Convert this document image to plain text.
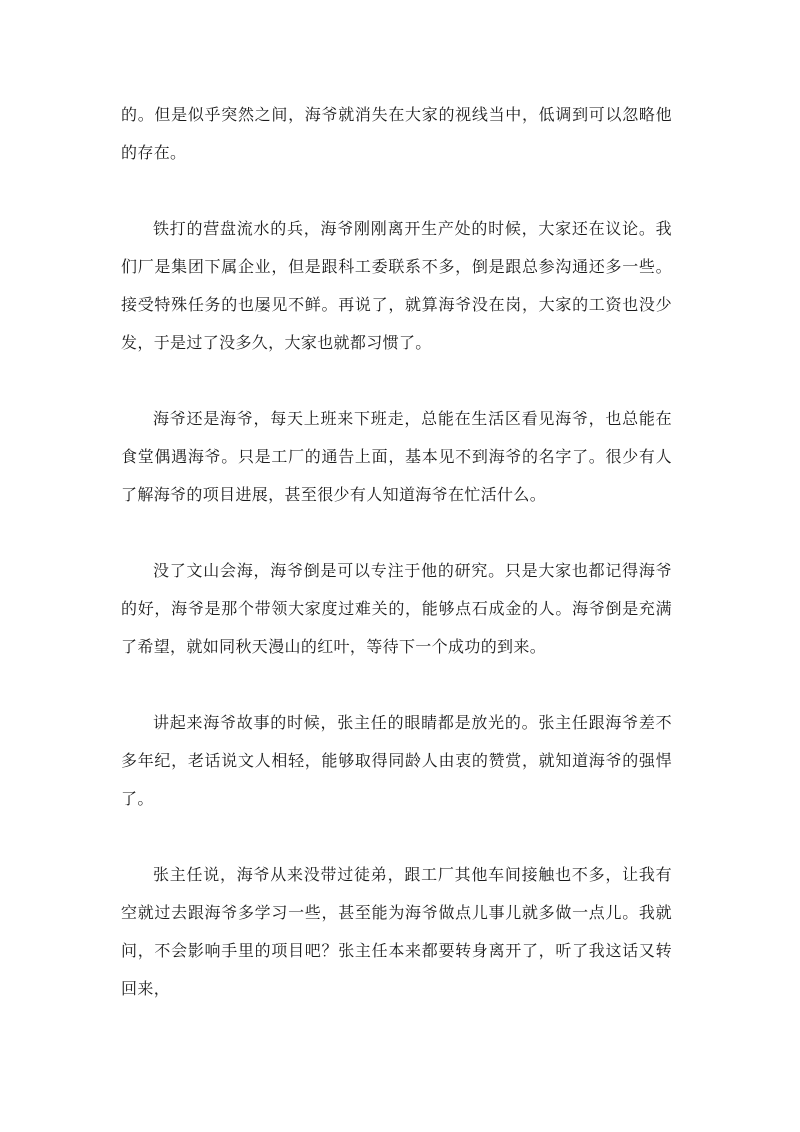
的。但是似乎突然之间，海爷就消失在大家的视线当中，低调到可以忽略他的存在。

铁打的营盘流水的兵，海爷刚刚离开生产处的时候，大家还在议论。我们厂是集团下属企业，但是跟科工委联系不多，倒是跟总参沟通还多一些。接受特殊任务的也屡见不鲜。再说了，就算海爷没在岗，大家的工资也没少发，于是过了没多久，大家也就都习惯了。

海爷还是海爷，每天上班来下班走，总能在生活区看见海爷，也总能在食堂偶遇海爷。只是工厂的通告上面，基本见不到海爷的名字了。很少有人了解海爷的项目进展，甚至很少有人知道海爷在忙活什么。

没了文山会海，海爷倒是可以专注于他的研究。只是大家也都记得海爷的好，海爷是那个带领大家度过难关的，能够点石成金的人。海爷倒是充满了希望，就如同秋天漫山的红叶，等待下一个成功的到来。

讲起来海爷故事的时候，张主任的眼睛都是放光的。张主任跟海爷差不多年纪，老话说文人相轻，能够取得同龄人由衷的赞赏，就知道海爷的强悍了。

张主任说，海爷从来没带过徒弟，跟工厂其他车间接触也不多，让我有空就过去跟海爷多学习一些，甚至能为海爷做点儿事儿就多做一点儿。我就问，不会影响手里的项目吧？张主任本来都要转身离开了，听了我这话又转回来，
